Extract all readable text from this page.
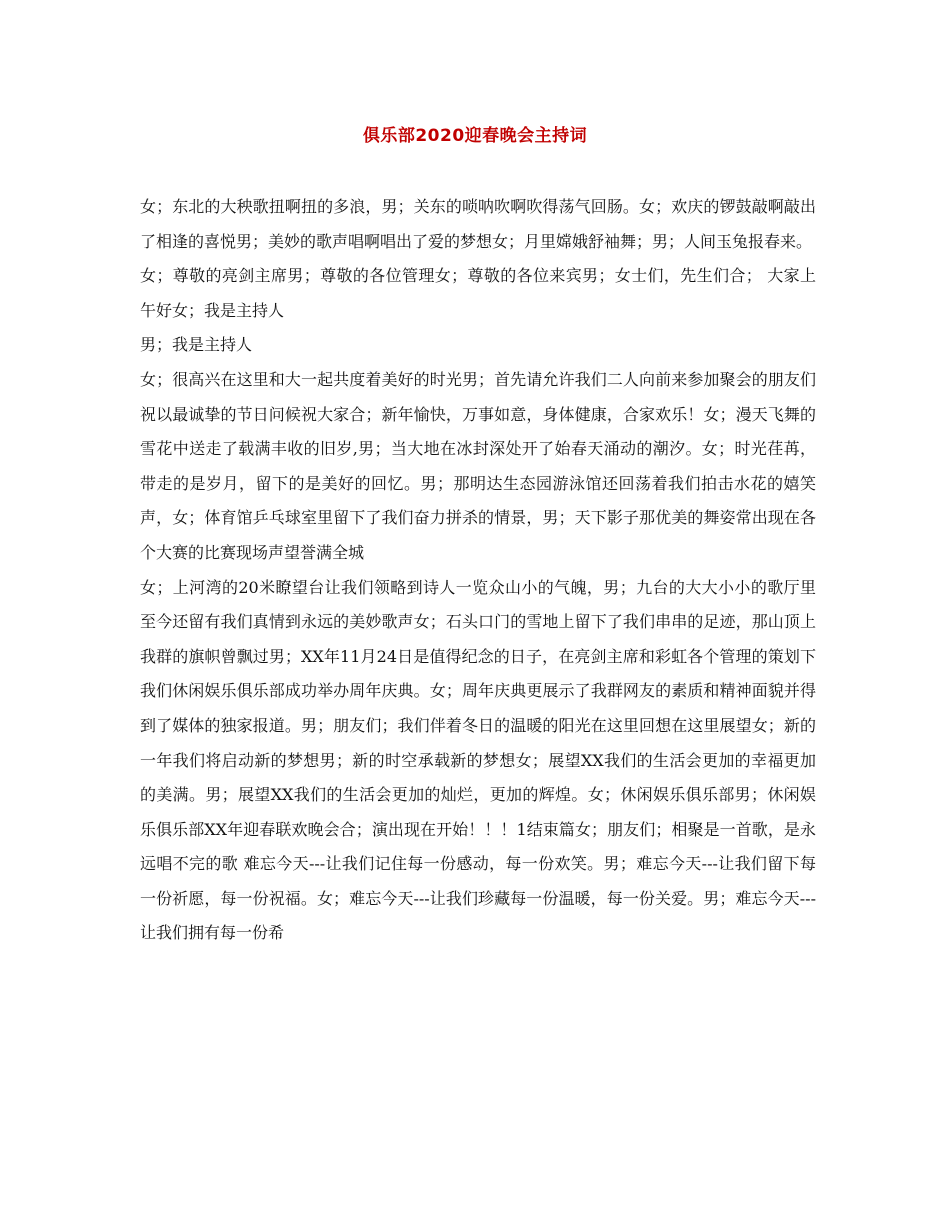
俱乐部2020迎春晚会主持词

女；东北的大秧歌扭啊扭的多浪，男；关东的唢呐吹啊吹得荡气回肠。女；欢庆的锣鼓敲啊敲出了相逢的喜悦男；美妙的歌声唱啊唱出了爱的梦想女；月里嫦娥舒袖舞；男；人间玉兔报春来。

女；尊敬的亮剑主席男；尊敬的各位管理女；尊敬的各位来宾男；女士们，先生们合； 大家上午好女；我是主持人

男；我是主持人

女；很高兴在这里和大一起共度着美好的时光男；首先请允许我们二人向前来参加聚会的朋友们祝以最诚挚的节日问候祝大家合；新年愉快，万事如意，身体健康，合家欢乐！女；漫天飞舞的雪花中送走了载满丰收的旧岁,男；当大地在冰封深处开了始春天涌动的潮汐。女；时光荏苒，带走的是岁月，留下的是美好的回忆。男；那明达生态园游泳馆还回荡着我们拍击水花的嬉笑声，女；体育馆乒乓球室里留下了我们奋力拼杀的情景，男；天下影子那优美的舞姿常出现在各个大赛的比赛现场声望誉满全城

女；上河湾的20米瞭望台让我们领略到诗人一览众山小的气魄，男；九台的大大小小的歌厅里至今还留有我们真情到永远的美妙歌声女；石头口门的雪地上留下了我们串串的足迹，那山顶上我群的旗帜曾飘过男；XX年11月24日是值得纪念的日子，在亮剑主席和彩虹各个管理的策划下我们休闲娱乐俱乐部成功举办周年庆典。女；周年庆典更展示了我群网友的素质和精神面貌并得到了媒体的独家报道。男；朋友们；我们伴着冬日的温暖的阳光在这里回想在这里展望女；新的一年我们将启动新的梦想男；新的时空承载新的梦想女；展望XX我们的生活会更加的幸福更加的美满。男；展望XX我们的生活会更加的灿烂，更加的辉煌。女；休闲娱乐俱乐部男；休闲娱乐俱乐部XX年迎春联欢晚会合；演出现在开始！！！1结束篇女；朋友们；相聚是一首歌，是永远唱不完的歌 难忘今天---让我们记住每一份感动，每一份欢笑。男；难忘今天---让我们留下每一份祈愿，每一份祝福。女；难忘今天---让我们珍藏每一份温暖，每一份关爱。男；难忘今天---让我们拥有每一份希
